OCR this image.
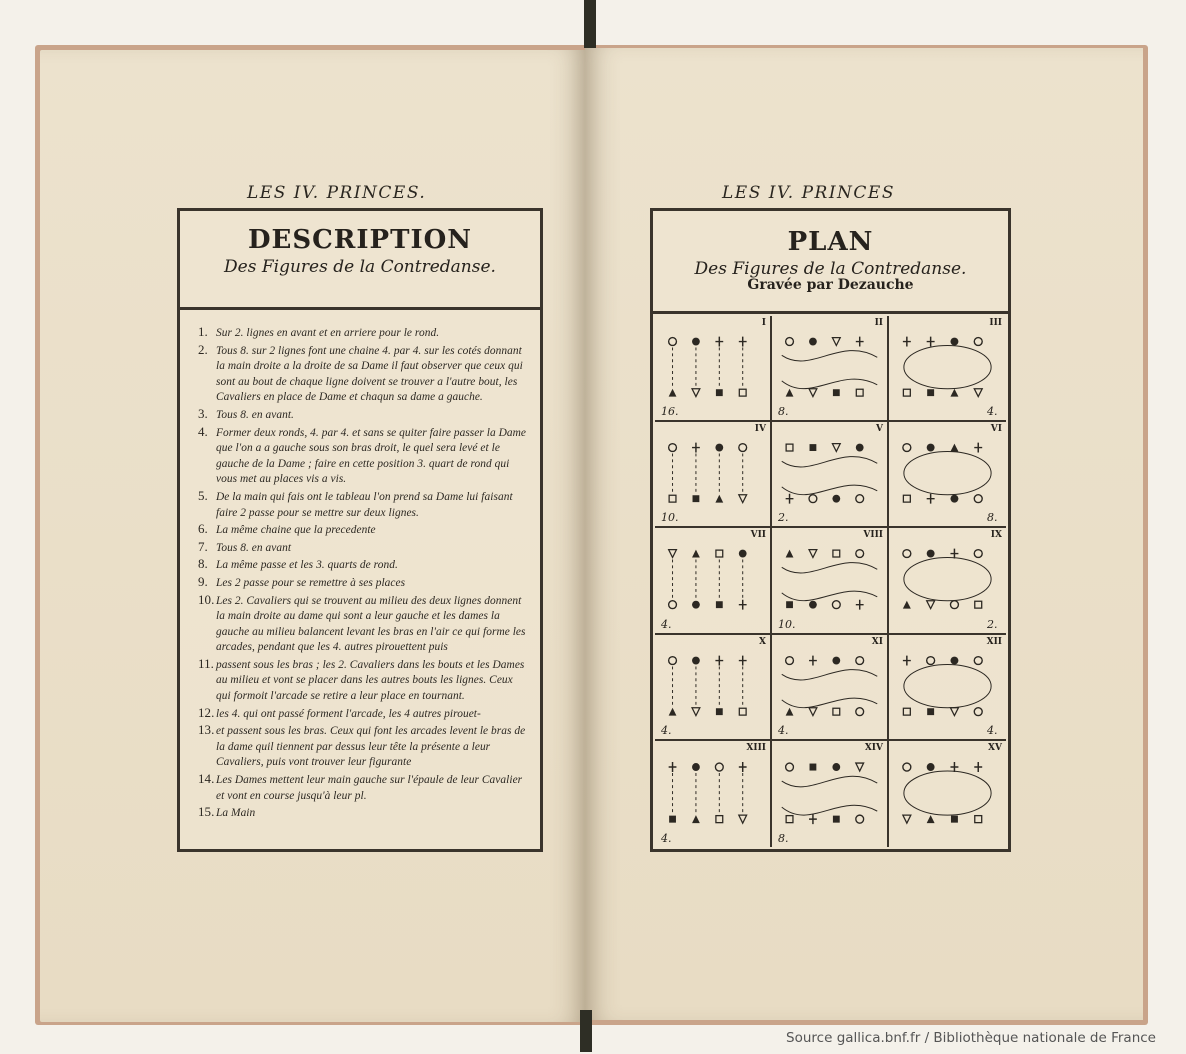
LES IV. PRINCES.	LES IV. PRINCES
DESCRIPTION
Des Figures de la Contredanse.
1. Sur 2. lignes en avant et en arriere pour le rond.
2. Tous 8. sur 2 lignes font une chaine 4. par 4. sur les cotés donnant la main droite a la droite de sa Dame il faut observer que ceux qui sont au bout de chaque ligne doivent se trouver a l'autre bout, les Cavaliers en place de Dame et chaqun sa dame a gauche.
3. Tous 8. en avant.
4. Former deux ronds, 4. par 4. et sans se quiter faire passer la Dame que l'on a a gauche sous son bras droit, le quel sera levé et le gauche de la Dame ; faire en cette position 3. quart de rond qui vous met au places vis a vis.
5. De la main qui fais ont le tableau l'on prend sa Dame lui faisant faire 2 passe pour se mettre sur deux lignes.
6. La même chaine que la precedente
7. Tous 8. en avant
8. La même passe et les 3. quarts de rond.
9. Les 2 passe pour se remettre à ses places
10. Les 2. Cavaliers qui se trouvent au milieu des deux lignes donnent la main droite au dame qui sont a leur gauche et les dames la gauche au milieu balancent levant les bras en l'air ce qui forme les arcades, pendant que les 4. autres pirouettent puis
11. passent sous les bras ; les 2. Cavaliers dans les bouts et les Dames au milieu et vont se placer dans les autres bouts les lignes. Ceux qui formoit l'arcade se retire a leur place en tournant.
12. les 4. qui ont passé forment l'arcade, les 4 autres pirouet-
13. et passent sous les bras. Ceux qui font les arcades levent le bras de la dame quil tiennent par dessus leur tête la présente a leur Cavaliers, puis vont trouver leur figurante
14. Les Dames mettent leur main gauche sur l'épaule de leur Cavalier et vont en course jusqu'à leur pl.
15. La Main
PLAN
Des Figures de la Contredanse.
Gravée par Dezauche
I
16.
II
8.
III
4.
IV
10.
V
2.
VI
8.
VII
4.
VIII
10.
IX
2.
X
4.
XI
4.
XII
4.
XIII
4.
XIV
8.
XV
Source gallica.bnf.fr / Bibliothèque nationale de France
